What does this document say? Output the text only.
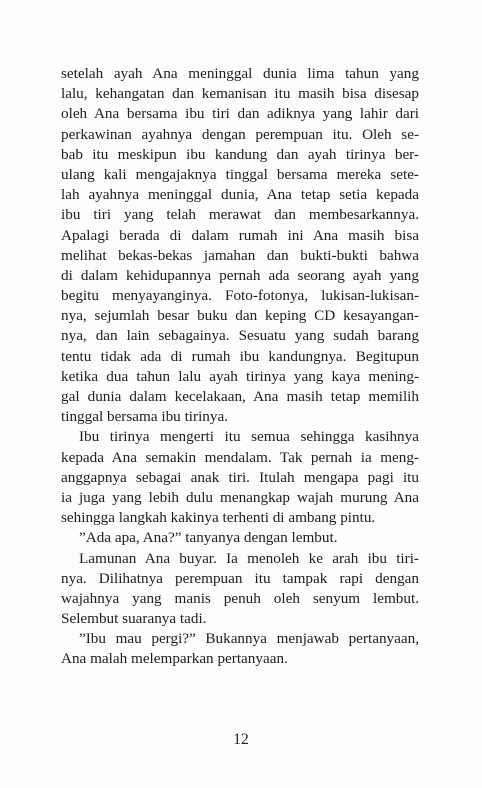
setelah ayah Ana meninggal dunia lima tahun yang
lalu, kehangatan dan kemanisan itu masih bisa disesap
oleh Ana bersama ibu tiri dan adiknya yang lahir dari
perkawinan ayahnya dengan perempuan itu. Oleh se-
bab itu meskipun ibu kandung dan ayah tirinya ber-
ulang kali mengajaknya tinggal bersama mereka sete-
lah ayahnya meninggal dunia, Ana tetap setia kepada
ibu tiri yang telah merawat dan membesarkannya.
Apalagi berada di dalam rumah ini Ana masih bisa
melihat bekas-bekas jamahan dan bukti-bukti bahwa
di dalam kehidupannya pernah ada seorang ayah yang
begitu menyayanginya. Foto-fotonya, lukisan-lukisan-
nya, sejumlah besar buku dan keping CD kesayangan-
nya, dan lain sebagainya. Sesuatu yang sudah barang
tentu tidak ada di rumah ibu kandungnya. Begitupun
ketika dua tahun lalu ayah tirinya yang kaya mening-
gal dunia dalam kecelakaan, Ana masih tetap memilih
tinggal bersama ibu tirinya.
Ibu tirinya mengerti itu semua sehingga kasihnya
kepada Ana semakin mendalam. Tak pernah ia meng-
anggapnya sebagai anak tiri. Itulah mengapa pagi itu
ia juga yang lebih dulu menangkap wajah murung Ana
sehingga langkah kakinya terhenti di ambang pintu.
”Ada apa, Ana?” tanyanya dengan lembut.
Lamunan Ana buyar. Ia menoleh ke arah ibu tiri-
nya. Dilihatnya perempuan itu tampak rapi dengan
wajahnya yang manis penuh oleh senyum lembut.
Selembut suaranya tadi.
”Ibu mau pergi?” Bukannya menjawab pertanyaan,
Ana malah melemparkan pertanyaan.
12
